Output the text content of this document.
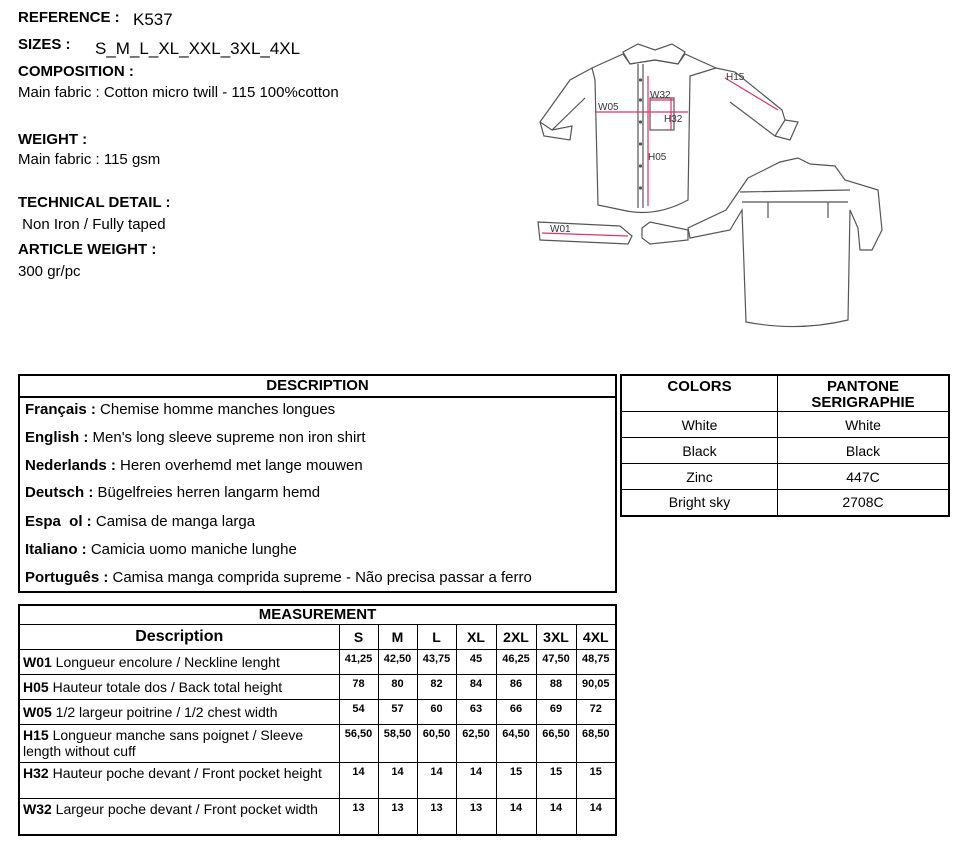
REFERENCE : K537
SIZES : S_M_L_XL_XXL_3XL_4XL
COMPOSITION :
Main fabric : Cotton micro twill - 115 100%cotton
WEIGHT :
Main fabric : 115 gsm
TECHNICAL DETAIL :
Non Iron / Fully taped
ARTICLE WEIGHT :
300 gr/pc
H15
W05
W32
H32
H05
W01
DESCRIPTION
Français : Chemise homme manches longues
English : Men's long sleeve supreme non iron shirt
Nederlands : Heren overhemd met lange mouwen
Deutsch : Bügelfreies herren langarm hemd
Espa  ol : Camisa de manga larga
Italiano : Camicia uomo maniche lunghe
Português : Camisa manga comprida supreme - Não precisa passar a ferro
COLORS	PANTONE
SERIGRAPHIE
White	White
Black	Black
Zinc	447C
Bright sky	2708C
MEASUREMENT							
Description	S	M	L	XL	2XL	3XL	4XL
W01 Longueur encolure / Neckline lenght	41,25	42,50	43,75	45	46,25	47,50	48,75
H05 Hauteur totale dos / Back total height	78	80	82	84	86	88	90,05
W05 1/2 largeur poitrine / 1/2 chest width	54	57	60	63	66	69	72
H15 Longueur manche sans poignet / Sleeve length without cuff	56,50	58,50	60,50	62,50	64,50	66,50	68,50
H32 Hauteur poche devant / Front pocket height	14	14	14	14	15	15	15
W32 Largeur poche devant / Front pocket width	13	13	13	13	14	14	14
